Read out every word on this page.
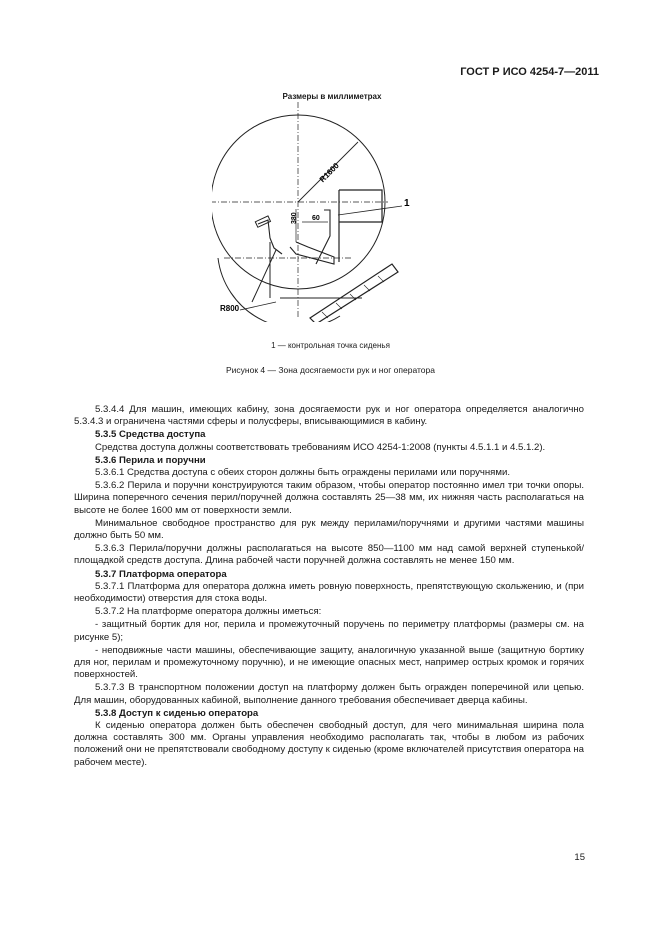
ГОСТ Р ИСО 4254-7—2011
Размеры в миллиметрах
R1600
1
380 60
R800
1 — контрольная точка сиденья
Рисунок 4 — Зона досягаемости рук и ног оператора

5.3.4.4 Для машин, имеющих кабину, зона досягаемости рук и ног оператора определяется аналогично 5.3.4.3 и ограничена частями сферы и полусферы, вписывающимися в кабину.

5.3.5 Средства доступа

Средства доступа должны соответствовать требованиям ИСО 4254-1:2008 (пункты 4.5.1.1 и 4.5.1.2).

5.3.6 Перила и поручни

5.3.6.1 Средства доступа с обеих сторон должны быть ограждены перилами или поручнями.

5.3.6.2 Перила и поручни конструируются таким образом, чтобы оператор постоянно имел три точки опоры. Ширина поперечного сечения перил/поручней должна составлять 25—38 мм, их нижняя часть располагаться на высоте не более 1600 мм от поверхности земли.

Минимальное свободное пространство для рук между перилами/поручнями и другими частями машины должно быть 50 мм.

5.3.6.3 Перила/поручни должны располагаться на высоте 850—1100 мм над самой верхней ступенькой/площадкой средств доступа. Длина рабочей части поручней должна составлять не менее 150 мм.

5.3.7 Платформа оператора

5.3.7.1 Платформа для оператора должна иметь ровную поверхность, препятствующую скольжению, и (при необходимости) отверстия для стока воды.

5.3.7.2 На платформе оператора должны иметься:

- защитный бортик для ног, перила и промежуточный поручень по периметру платформы (размеры см. на рисунке 5);

- неподвижные части машины, обеспечивающие защиту, аналогичную указанной выше (защитную бортику для ног, перилам и промежуточному поручню), и не имеющие опасных мест, например острых кромок и горячих поверхностей.

5.3.7.3 В транспортном положении доступ на платформу должен быть огражден поперечиной или цепью. Для машин, оборудованных кабиной, выполнение данного требования обеспечивает дверца кабины.

5.3.8 Доступ к сиденью оператора

К сиденью оператора должен быть обеспечен свободный доступ, для чего минимальная ширина пола должна составлять 300 мм. Органы управления необходимо располагать так, чтобы в любом из рабочих положений они не препятствовали свободному доступу к сиденью (кроме включателей присутствия оператора на рабочем месте).

15
